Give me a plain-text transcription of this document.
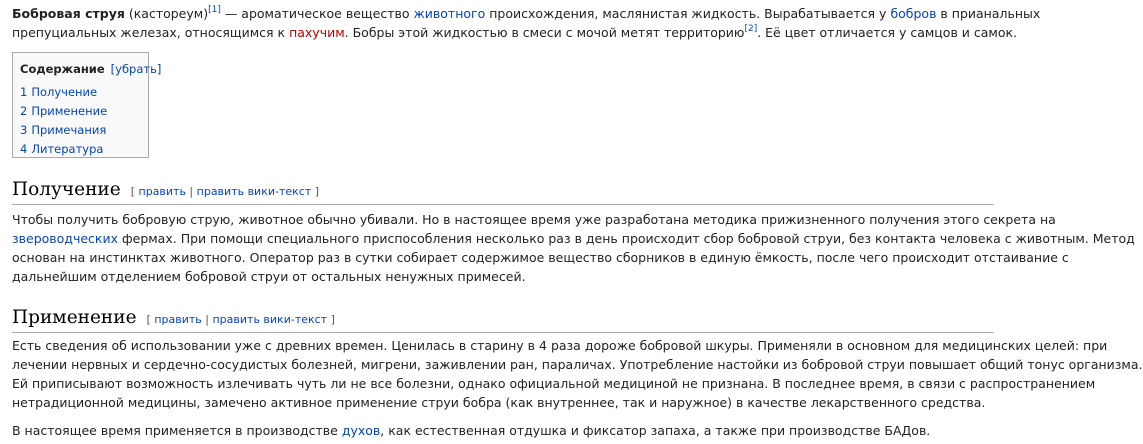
Бобровая струя (кастореум)[1] — ароматическое вещество животного происхождения, маслянистая жидкость. Вырабатывается у бобров в прианальных
препуциальных железах, относящимся к пахучим. Бобры этой жидкостью в смеси с мочой метят территорию[2]. Её цвет отличается у самцов и самок.

Содержание [убрать]
1 Получение
2 Применение
3 Примечания
4 Литература
Получение [ править | править вики-текст ]

Чтобы получить бобровую струю, животное обычно убивали. Но в настоящее время уже разработана методика прижизненного получения этого секрета на
звероводческих фермах. При помощи специального приспособления несколько раз в день происходит сбор бобровой струи, без контакта человека с животным. Метод
основан на инстинктах животного. Оператор раз в сутки собирает содержимое вещество сборников в единую ёмкость, после чего происходит отстаивание с
дальнейшим отделением бобровой струи от остальных ненужных примесей.

Применение [ править | править вики-текст ]

Есть сведения об использовании уже с древних времен. Ценилась в старину в 4 раза дороже бобровой шкуры. Применяли в основном для медицинских целей: при
лечении нервных и сердечно-сосудистых болезней, мигрени, заживлении ран, параличах. Употребление настойки из бобровой струи повышает общий тонус организма.
Ей приписывают возможность излечивать чуть ли не все болезни, однако официальной медициной не признана. В последнее время, в связи с распространением
нетрадиционной медицины, замечено активное применение струи бобра (как внутреннее, так и наружное) в качестве лекарственного средства.

В настоящее время применяется в производстве духов, как естественная отдушка и фиксатор запаха, а также при производстве БАДов.
